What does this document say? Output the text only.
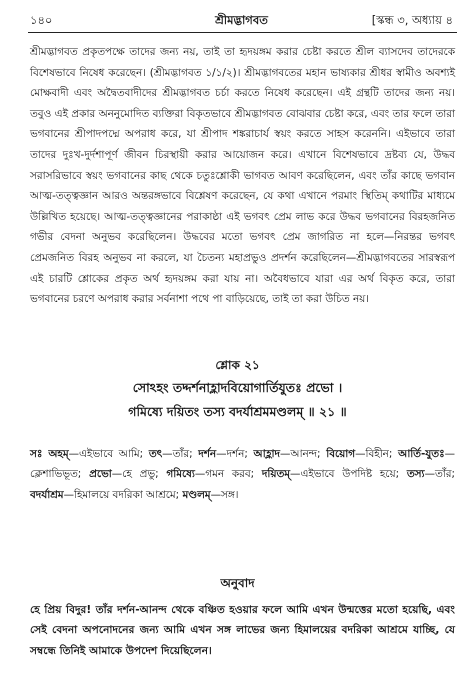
১৪০	শ্রীমদ্ভাগবত	[স্কন্ধ ৩, অধ্যায় ৪

শ্রীমদ্ভাগবত প্রকৃতপক্ষে তাদের জন্য নয়, তাই তা হৃদয়ঙ্গম করার চেষ্টা করতে শ্রীল ব্যাসদেব তাদেরকে বিশেষভাবে নিষেধ করেছেন। (শ্রীমদ্ভাগবত ১/১/২)। শ্রীমদ্ভাগবতের মহান ভাষ্যকার শ্রীধর স্বামীও অবশ্যই মোক্ষবাদী এবং অদ্বৈতবাদীদের শ্রীমদ্ভাগবত চর্চা করতে নিষেধ করেছেন। এই গ্রন্থটি তাদের জন্য নয়। তবুও এই প্রকার অননুমোদিত ব্যক্তিরা বিকৃতভাবে শ্রীমদ্ভাগবত বোঝবার চেষ্টা করে, এবং তার ফলে তারা ভগবানের শ্রীপাদপদ্মে অপরাধ করে, যা শ্রীপাদ শঙ্করাচার্য স্বয়ং করতে সাহস করেননি। এইভাবে তারা তাদের দুঃখ-দুর্দশাপূর্ণ জীবন চিরস্থায়ী করার আয়োজন করে। এখানে বিশেষভাবে দ্রষ্টব্য যে, উদ্ধব সরাসরিভাবে স্বয়ং ভগবানের কাছ থেকে চতুঃশ্লোকী ভাগবত আবণ করেছিলেন, এবং তাঁর কাছে ভগবান আত্ম-তত্ত্বজ্ঞান আরও অন্তরঙ্গভাবে বিশ্লেষণ করেছেন, যে কথা এখানে পরমাং স্থিতিম্ কথাটির মাধ্যমে উল্লিখিত হয়েছে। আত্ম-তত্ত্বজ্ঞানের পরাকাষ্ঠা এই ভগবৎ প্রেম লাভ করে উদ্ধব ভগবানের বিরহজনিত গভীর বেদনা অনুভব করেছিলেন। উদ্ধবের মতো ভগবৎ প্রেম জাগরিত না হলে—নিরন্তর ভগবৎ প্রেমজনিত বিরহ অনুভব না করলে, যা চৈতন্য মহাপ্রভুও প্রদর্শন করেছিলেন—শ্রীমদ্ভাগবতের সারস্বরূপ এই চারটি শ্লোকের প্রকৃত অর্থ হৃদয়ঙ্গম করা যায় না। অবৈধভাবে যারা এর অর্থ বিকৃত করে, তারা ভগবানের চরণে অপরাধ করার সর্বনাশা পথে পা বাড়িয়েছে, তাই তা করা উচিত নয়।

শ্লোক ২১
সোঽহং তদ্দর্শনাহ্লাদবিয়োগার্তিযুতঃ প্রভো ।
গমিষ্যে দয়িতং তস্য বদর্যাশ্রমমণ্ডলম্ ॥ ২১ ॥
সঃ অহম্—এইভাবে আমি; তৎ—তাঁর; দর্শন—দর্শন; আহ্লাদ—আনন্দ; বিয়োগ—বিহীন; আর্তি-যুতঃ—ক্লেশাভিভূত; প্রভো—হে প্রভু; গমিষ্যে—গমন করব; দয়িতম্—এইভাবে উপদিষ্ট হয়ে; তস্য—তাঁর; বদর্যাশ্রম—হিমালয়ে বদরিকা আশ্রমে; মণ্ডলম্—সঙ্গ।
অনুবাদ
হে প্রিয় বিদুর! তাঁর দর্শন-আনন্দ থেকে বঞ্চিত হওয়ার ফলে আমি এখন উন্মত্তের মতো হয়েছি, এবং সেই বেদনা অপনোদনের জন্য আমি এখন সঙ্গ লাভের জন্য হিমালয়ের বদরিকা আশ্রমে যাচ্ছি, যে সম্বন্ধে তিনিই আমাকে উপদেশ দিয়েছিলেন।
